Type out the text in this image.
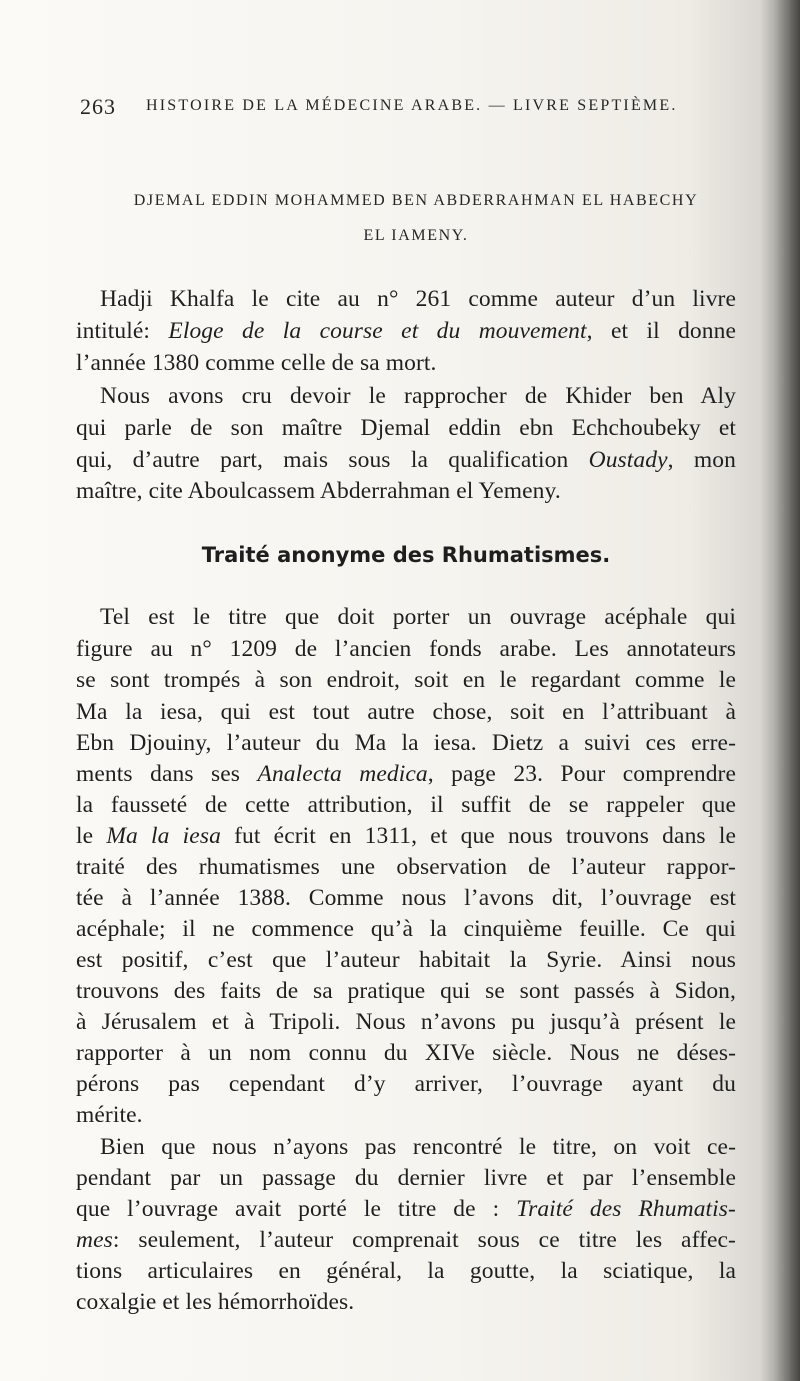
263 HISTOIRE DE LA MÉDECINE ARABE. — LIVRE SEPTIÈME.
DJEMAL EDDIN MOHAMMED BEN ABDERRAHMAN EL HABECHY
EL IAMENY.
Hadji Khalfa le cite au n° 261 comme auteur d’un livre
intitulé: Eloge de la course et du mouvement, et il donne
l’année 1380 comme celle de sa mort.
Nous avons cru devoir le rapprocher de Khider ben Aly
qui parle de son maître Djemal eddin ebn Echchoubeky et
qui, d’autre part, mais sous la qualification Oustady, mon
maître, cite Aboulcassem Abderrahman el Yemeny.
Traité anonyme des Rhumatismes.
Tel est le titre que doit porter un ouvrage acéphale qui
figure au n° 1209 de l’ancien fonds arabe. Les annotateurs
se sont trompés à son endroit, soit en le regardant comme le
Ma la iesa, qui est tout autre chose, soit en l’attribuant à
Ebn Djouiny, l’auteur du Ma la iesa. Dietz a suivi ces erre-
ments dans ses Analecta medica, page 23. Pour comprendre
la fausseté de cette attribution, il suffit de se rappeler que
le Ma la iesa fut écrit en 1311, et que nous trouvons dans le
traité des rhumatismes une observation de l’auteur rappor-
tée à l’année 1388. Comme nous l’avons dit, l’ouvrage est
acéphale; il ne commence qu’à la cinquième feuille. Ce qui
est positif, c’est que l’auteur habitait la Syrie. Ainsi nous
trouvons des faits de sa pratique qui se sont passés à Sidon,
à Jérusalem et à Tripoli. Nous n’avons pu jusqu’à présent le
rapporter à un nom connu du XIVe siècle. Nous ne déses-
pérons pas cependant d’y arriver, l’ouvrage ayant du
mérite.
Bien que nous n’ayons pas rencontré le titre, on voit ce-
pendant par un passage du dernier livre et par l’ensemble
que l’ouvrage avait porté le titre de : Traité des Rhumatis-
mes: seulement, l’auteur comprenait sous ce titre les affec-
tions articulaires en général, la goutte, la sciatique, la
coxalgie et les hémorrhoïdes.
